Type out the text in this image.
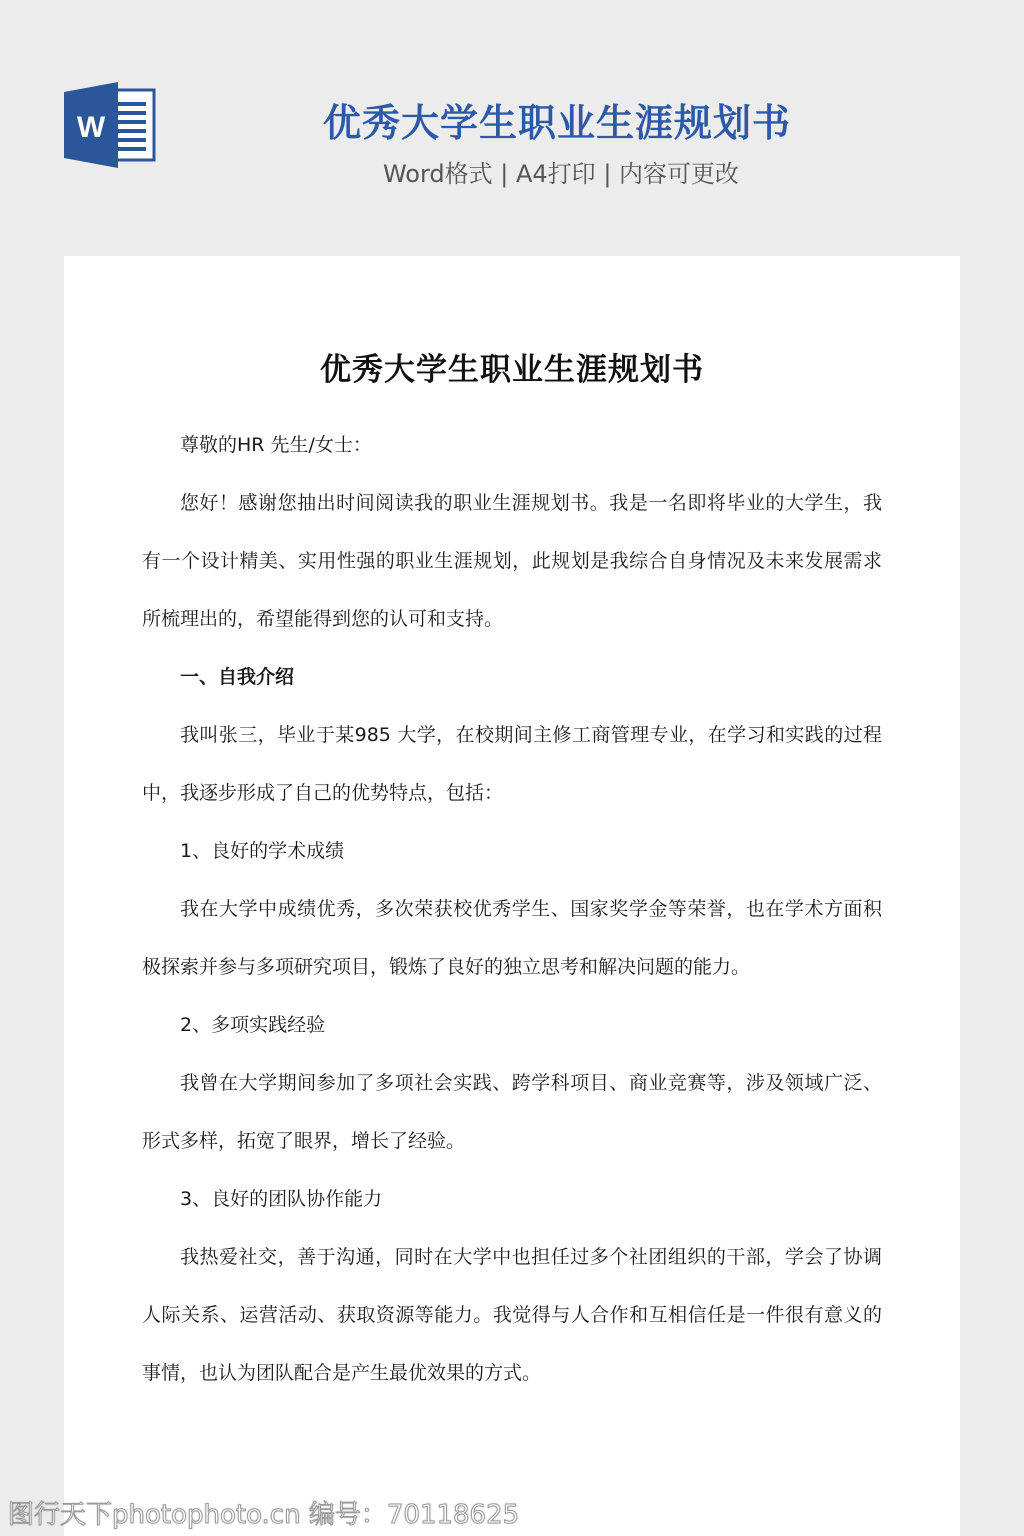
W	优秀大学生职业生涯规划书
Word格式 | A4打印 | 内容可更改
优秀大学生职业生涯规划书

尊敬的HR 先生/女士：

您好！感谢您抽出时间阅读我的职业生涯规划书。我是一名即将毕业的大学生，我有一个设计精美、实用性强的职业生涯规划，此规划是我综合自身情况及未来发展需求所梳理出的，希望能得到您的认可和支持。

一、自我介绍

我叫张三，毕业于某985 大学，在校期间主修工商管理专业，在学习和实践的过程中，我逐步形成了自己的优势特点，包括：

1、良好的学术成绩

我在大学中成绩优秀，多次荣获校优秀学生、国家奖学金等荣誉，也在学术方面积极探索并参与多项研究项目，锻炼了良好的独立思考和解决问题的能力。

2、多项实践经验

我曾在大学期间参加了多项社会实践、跨学科项目、商业竞赛等，涉及领域广泛、形式多样，拓宽了眼界，增长了经验。

3、良好的团队协作能力

我热爱社交，善于沟通，同时在大学中也担任过多个社团组织的干部，学会了协调人际关系、运营活动、获取资源等能力。我觉得与人合作和互相信任是一件很有意义的事情，也认为团队配合是产生最优效果的方式。

图行天下photophoto.cn 编号：70118625
